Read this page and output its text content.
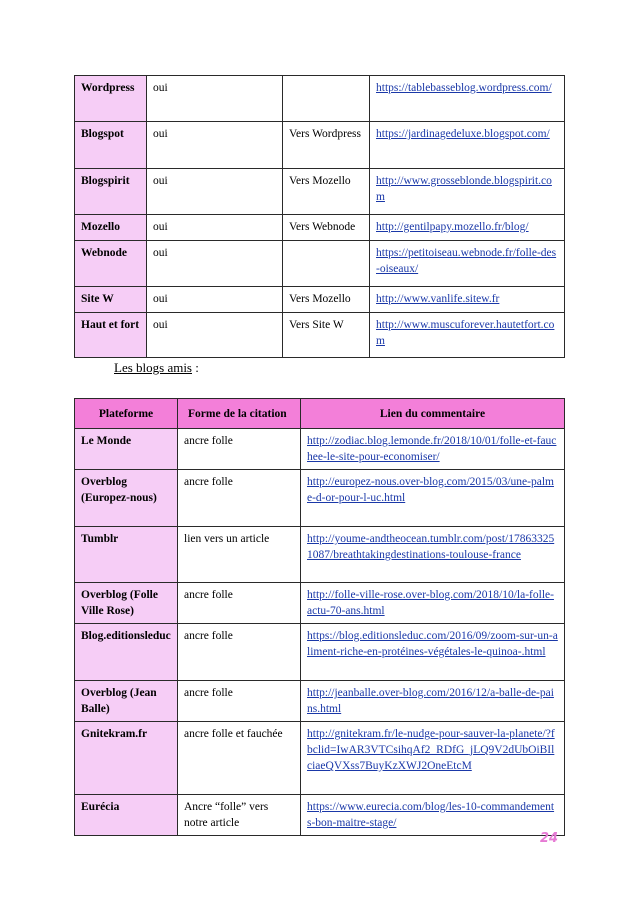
Wordpress	oui		https://tablebasseblog.wordpress.com/
Blogspot	oui	Vers Wordpress	https://jardinagedeluxe.blogspot.com/
Blogspirit	oui	Vers Mozello	http://www.grosseblonde.blogspirit.com
Mozello	oui	Vers Webnode	http://gentilpapy.mozello.fr/blog/
Webnode	oui		https://petitoiseau.webnode.fr/folle-des-oiseaux/
Site W	oui	Vers Mozello	http://www.vanlife.sitew.fr
Haut et fort	oui	Vers Site W	http://www.muscuforever.hautetfort.com
Les blogs amis :
Plateforme	Forme de la citation	Lien du commentaire
Le Monde	ancre folle	http://zodiac.blog.lemonde.fr/2018/10/01/folle-et-fauchee-le-site-pour-economiser/
Overblog (Europez-nous)	ancre folle	http://europez-nous.over-blog.com/2015/03/une-palme-d-or-pour-l-uc.html
Tumblr	lien vers un article	http://youme-andtheocean.tumblr.com/post/178633251087/breathtakingdestinations-toulouse-france
Overblog (Folle Ville Rose)	ancre folle	http://folle-ville-rose.over-blog.com/2018/10/la-folle-actu-70-ans.html
Blog.editionsleduc	ancre folle	https://blog.editionsleduc.com/2016/09/zoom-sur-un-aliment-riche-en-protéines-végétales-le-quinoa-.html
Overblog (Jean Balle)	ancre folle	http://jeanballe.over-blog.com/2016/12/a-balle-de-pains.html
Gnitekram.fr	ancre folle et fauchée	http://gnitekram.fr/le-nudge-pour-sauver-la-planete/?fbclid=IwAR3VTCsihqAf2_RDfG_jLQ9V2dUbOiBIlciaeQVXss7BuyKzXWJ2OneEtcM
Eurécia	Ancre “folle” vers notre article	https://www.eurecia.com/blog/les-10-commandements-bon-maitre-stage/
24
